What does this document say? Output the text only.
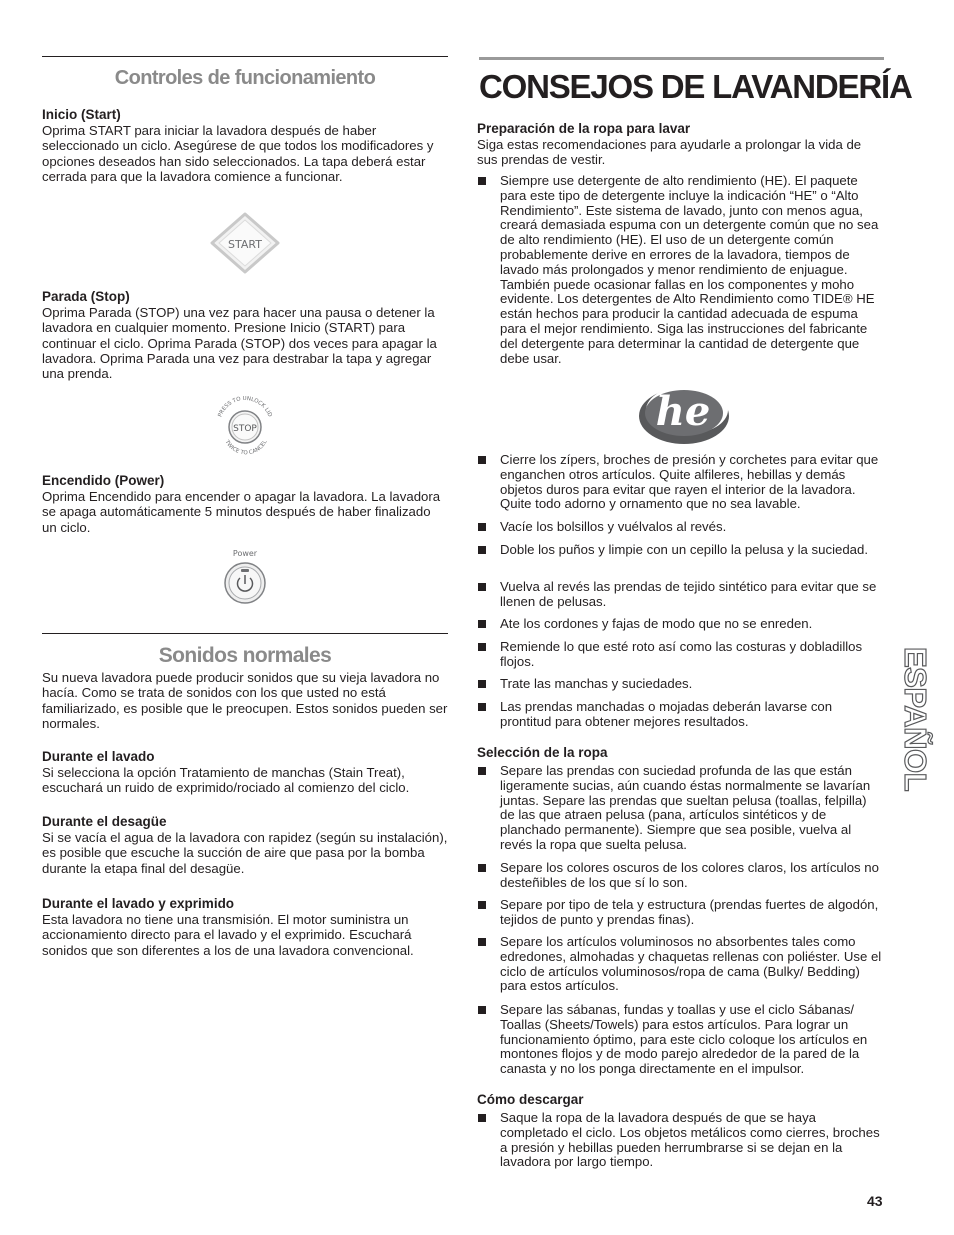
Controles de funcionamiento

Inicio (Start)

Oprima START para iniciar la lavadora después de haber seleccionado un ciclo. Asegúrese de que todos los modificadores y opciones deseados han sido seleccionados. La tapa deberá estar cerrada para que la lavadora comience a funcionar.

START

Parada (Stop)

Oprima Parada (STOP) una vez para hacer una pausa o detener la lavadora en cualquier momento. Presione Inicio (START) para continuar el ciclo. Oprima Parada (STOP) dos veces para apagar la lavadora. Oprima Parada una vez para destrabar la tapa y agregar una prenda.

PRESS TO UNLOCK LID
TWICE TO CANCEL
STOP

Encendido (Power)

Oprima Encendido para encender o apagar la lavadora. La lavadora se apaga automáticamente 5 minutos después de haber finalizado un ciclo.

Power
Sonidos normales

Su nueva lavadora puede producir sonidos que su vieja lavadora no hacía. Como se trata de sonidos con los que usted no está familiarizado, es posible que le preocupen. Estos sonidos pueden ser normales.

Durante el lavado

Si selecciona la opción Tratamiento de manchas (Stain Treat), escuchará un ruido de exprimido/rociado al comienzo del ciclo.

Durante el desagüe

Si se vacía el agua de la lavadora con rapidez (según su instalación), es posible que escuche la succión de aire que pasa por la bomba durante la etapa final del desagüe.

Durante el lavado y exprimido

Esta lavadora no tiene una transmisión. El motor suministra un accionamiento directo para el lavado y el exprimido. Escuchará sonidos que son diferentes a los de una lavadora convencional.

CONSEJOS DE LAVANDERÍA

Preparación de la ropa para lavar

Siga estas recomendaciones para ayudarle a prolongar la vida de sus prendas de vestir.

Siempre use detergente de alto rendimiento (HE). El paquete para este tipo de detergente incluye la indicación “HE” o “Alto Rendimiento”. Este sistema de lavado, junto con menos agua, creará demasiada espuma con un detergente común que no sea de alto rendimiento (HE). El uso de un detergente común probablemente derive en errores de la lavadora, tiempos de lavado más prolongados y menor rendimiento de enjuague. También puede ocasionar fallas en los componentes y moho evidente. Los detergentes de Alto Rendimiento como TIDE® HE están hechos para producir la cantidad adecuada de espuma para el mejor rendimiento. Siga las instrucciones del fabricante del detergente para determinar la cantidad de detergente que debe usar.
he
Cierre los zípers, broches de presión y corchetes para evitar que enganchen otros artículos. Quite alfileres, hebillas y demás objetos duros para evitar que rayen el interior de la lavadora. Quite todo adorno y ornamento que no sea lavable.
Vacíe los bolsillos y vuélvalos al revés.
Doble los puños y limpie con un cepillo la pelusa y la suciedad.
Vuelva al revés las prendas de tejido sintético para evitar que se llenen de pelusas.
Ate los cordones y fajas de modo que no se enreden.
Remiende lo que esté roto así como las costuras y dobladillos flojos.
Trate las manchas y suciedades.
Las prendas manchadas o mojadas deberán lavarse con prontitud para obtener mejores resultados.

Selección de la ropa

Separe las prendas con suciedad profunda de las que están ligeramente sucias, aún cuando éstas normalmente se lavarían juntas. Separe las prendas que sueltan pelusa (toallas, felpilla) de las que atraen pelusa (pana, artículos sintéticos y de planchado permanente). Siempre que sea posible, vuelva al revés la ropa que suelta pelusa.
Separe los colores oscuros de los colores claros, los artículos no desteñibles de los que sí lo son.
Separe por tipo de tela y estructura (prendas fuertes de algodón, tejidos de punto y prendas finas).
Separe los artículos voluminosos no absorbentes tales como edredones, almohadas y chaquetas rellenas con poliéster. Use el ciclo de artículos voluminosos/ropa de cama (Bulky/ Bedding) para estos artículos.
Separe las sábanas, fundas y toallas y use el ciclo Sábanas/ Toallas (Sheets/Towels) para estos artículos. Para lograr un funcionamiento óptimo, para este ciclo coloque los artículos en montones flojos y de modo parejo alrededor de la pared de la canasta y no los ponga directamente en el impulsor.

Cómo descargar

Saque la ropa de la lavadora después de que se haya completado el ciclo. Los objetos metálicos como cierres, broches a presión y hebillas pueden herrumbrarse si se dejan en la lavadora por largo tiempo.
ESPAÑOL
43
